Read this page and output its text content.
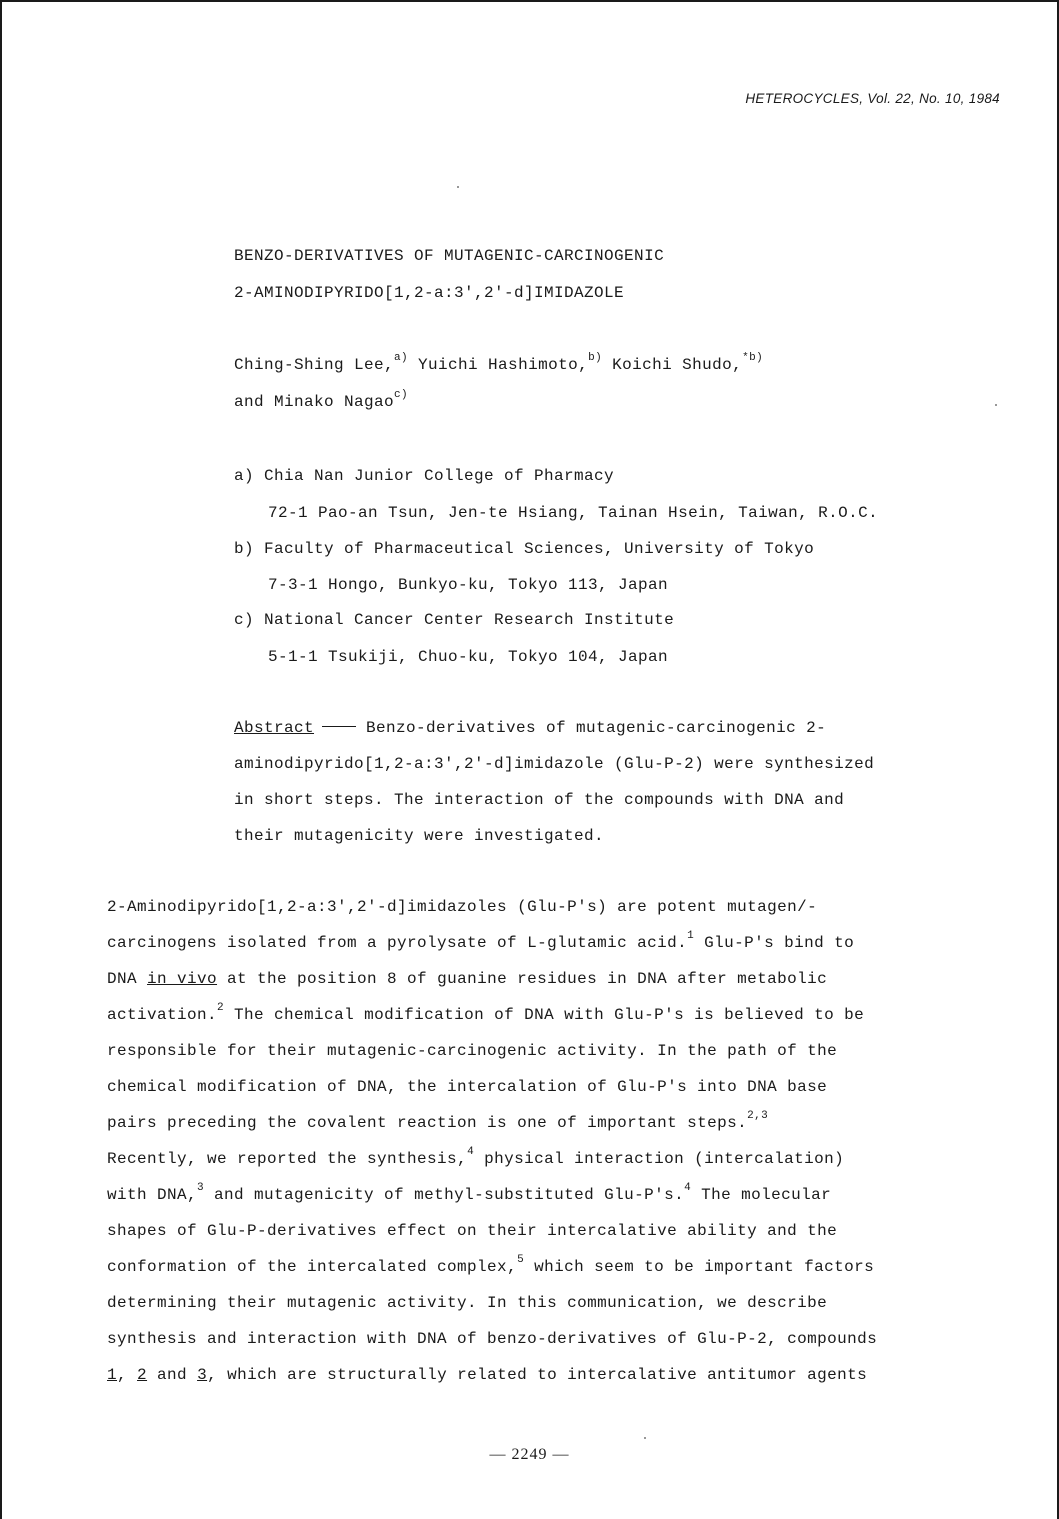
HETEROCYCLES, Vol. 22, No. 10, 1984
BENZO-DERIVATIVES OF MUTAGENIC-CARCINOGENIC
2-AMINODIPYRIDO[1,2-a:3',2'-d]IMIDAZOLE
Ching-Shing Lee,$^{a)}$ Yuichi Hashimoto,$^{b)}$ Koichi Shudo,$^{*b)}$
and Minako Nagao$^{c)}$
a) Chia Nan Junior College of Pharmacy
72-1 Pao-an Tsun, Jen-te Hsiang, Tainan Hsein, Taiwan, R.O.C.
b) Faculty of Pharmaceutical Sciences, University of Tokyo
7-3-1 Hongo, Bunkyo-ku, Tokyo 113, Japan
c) National Cancer Center Research Institute
5-1-1 Tsukiji, Chuo-ku, Tokyo 104, Japan
Abstract	Benzo-derivatives of mutagenic-carcinogenic 2-
aminodipyrido[1,2-a:3',2'-d]imidazole (Glu-P-2) were synthesized
in short steps. The interaction of the compounds with DNA and
their mutagenicity were investigated.
2-Aminodipyrido[1,2-a:3',2'-d]imidazoles (Glu-P's) are potent mutagen/-
carcinogens isolated from a pyrolysate of L-glutamic acid.$^1$ Glu-P's bind to
DNA in vivo at the position 8 of guanine residues in DNA after metabolic
activation.$^2$ The chemical modification of DNA with Glu-P's is believed to be
responsible for their mutagenic-carcinogenic activity. In the path of the
chemical modification of DNA, the intercalation of Glu-P's into DNA base
pairs preceding the covalent reaction is one of important steps.$^{2,3}$
Recently, we reported the synthesis,$^4$ physical interaction (intercalation)
with DNA,$^3$ and mutagenicity of methyl-substituted Glu-P's.$^4$ The molecular
shapes of Glu-P-derivatives effect on their intercalative ability and the
conformation of the intercalated complex,$^5$ which seem to be important factors
determining their mutagenic activity. In this communication, we describe
synthesis and interaction with DNA of benzo-derivatives of Glu-P-2, compounds
1, 2 and 3, which are structurally related to intercalative antitumor agents
— 2249 —
